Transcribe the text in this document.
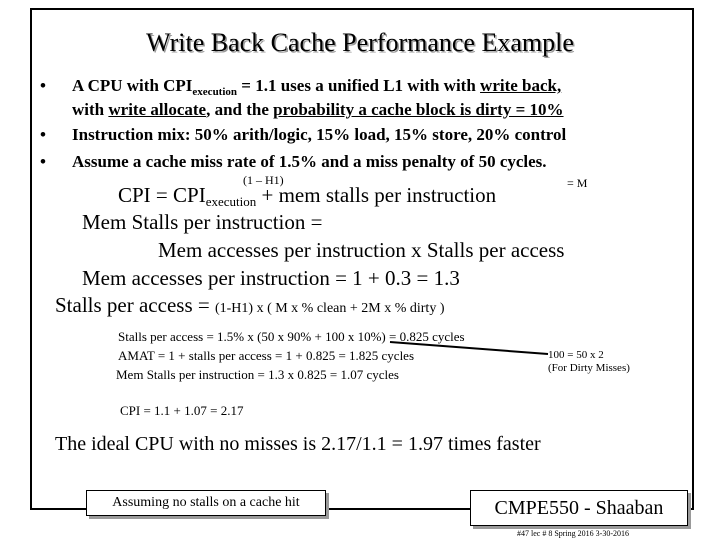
Write Back Cache Performance Example
• A CPU with $CPI_{execution} = 1.1$ uses a unified L1 with with write back,
with write allocate, and the probability a cache block is dirty = 10%
• Instruction mix: 50% arith/logic, 15% load, 15% store, 20% control
• Assume a cache miss rate of 1.5% and a miss penalty of 50 cycles.
(1 – H1)	= M
CPI = $CPI_{execution}$ + mem stalls per instruction
Mem Stalls per instruction =
Mem accesses per instruction x Stalls per access
Mem accesses per instruction = 1 + 0.3 = 1.3
Stalls per access = (1-H1) x ( M x % clean + 2M x % dirty )
Stalls per access = 1.5% x (50 x 90% + 100 x 10%) = 0.825 cycles
AMAT = 1 + stalls per access = 1 + 0.825 = 1.825 cycles
Mem Stalls per instruction = 1.3 x 0.825 = 1.07 cycles
100 = 50 x 2
(For Dirty Misses)
CPI = 1.1 + 1.07 = 2.17
The ideal CPU with no misses is 2.17/1.1 = 1.97 times faster
Assuming no stalls on a cache hit	CMPE550 - Shaaban
#47 lec # 8 Spring 2016 3-30-2016
